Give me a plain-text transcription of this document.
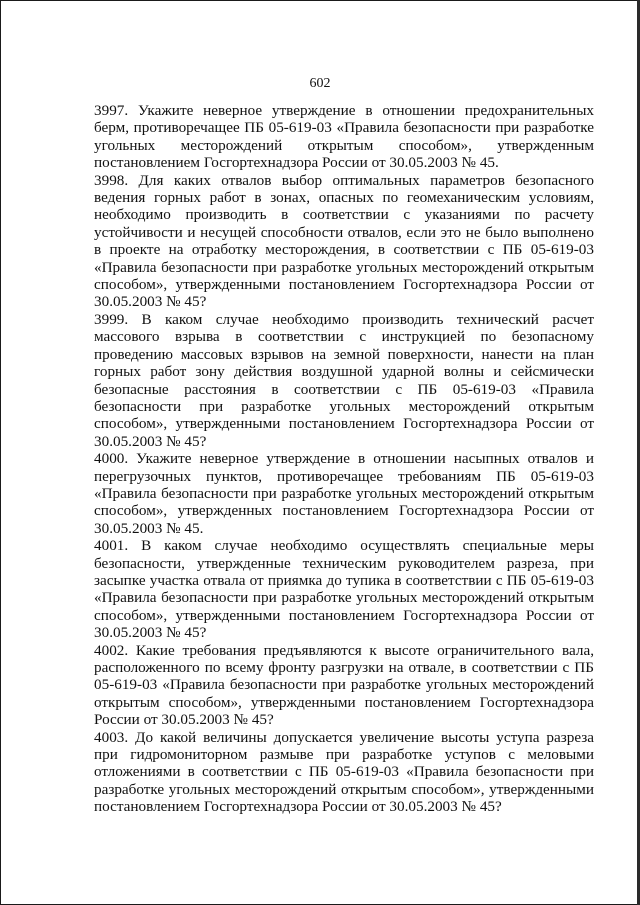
602

3997. Укажите неверное утверждение в отношении предохранительных берм, противоречащее ПБ 05-619-03 «Правила безопасности при разработке угольных месторождений открытым способом», утвержденным постановлением Госгортехнадзора России от 30.05.2003 № 45.

3998. Для каких отвалов выбор оптимальных параметров безопасного ведения горных работ в зонах, опасных по геомеханическим условиям, необходимо производить в соответствии с указаниями по расчету устойчивости и несущей способности отвалов, если это не было выполнено в проекте на отработку месторождения, в соответствии с ПБ 05-619-03 «Правила безопасности при разработке угольных месторождений открытым способом», утвержденными постановлением Госгортехнадзора России от 30.05.2003 № 45?

3999. В каком случае необходимо производить технический расчет массового взрыва в соответствии с инструкцией по безопасному проведению массовых взрывов на земной поверхности, нанести на план горных работ зону действия воздушной ударной волны и сейсмически безопасные расстояния в соответствии с ПБ 05-619-03 «Правила безопасности при разработке угольных месторождений открытым способом», утвержденными постановлением Госгортехнадзора России от 30.05.2003 № 45?

4000. Укажите неверное утверждение в отношении насыпных отвалов и перегрузочных пунктов, противоречащее требованиям ПБ 05-619-03 «Правила безопасности при разработке угольных месторождений открытым способом», утвержденных постановлением Госгортехнадзора России от 30.05.2003 № 45.

4001. В каком случае необходимо осуществлять специальные меры безопасности, утвержденные техническим руководителем разреза, при засыпке участка отвала от приямка до тупика в соответствии с ПБ 05-619-03 «Правила безопасности при разработке угольных месторождений открытым способом», утвержденными постановлением Госгортехнадзора России от 30.05.2003 № 45?

4002. Какие требования предъявляются к высоте ограничительного вала, расположенного по всему фронту разгрузки на отвале, в соответствии с ПБ 05-619-03 «Правила безопасности при разработке угольных месторождений открытым способом», утвержденными постановлением Госгортехнадзора России от 30.05.2003 № 45?

4003. До какой величины допускается увеличение высоты уступа разреза при гидромониторном размыве при разработке уступов с меловыми отложениями в соответствии с ПБ 05-619-03 «Правила безопасности при разработке угольных месторождений открытым способом», утвержденными постановлением Госгортехнадзора России от 30.05.2003 № 45?
